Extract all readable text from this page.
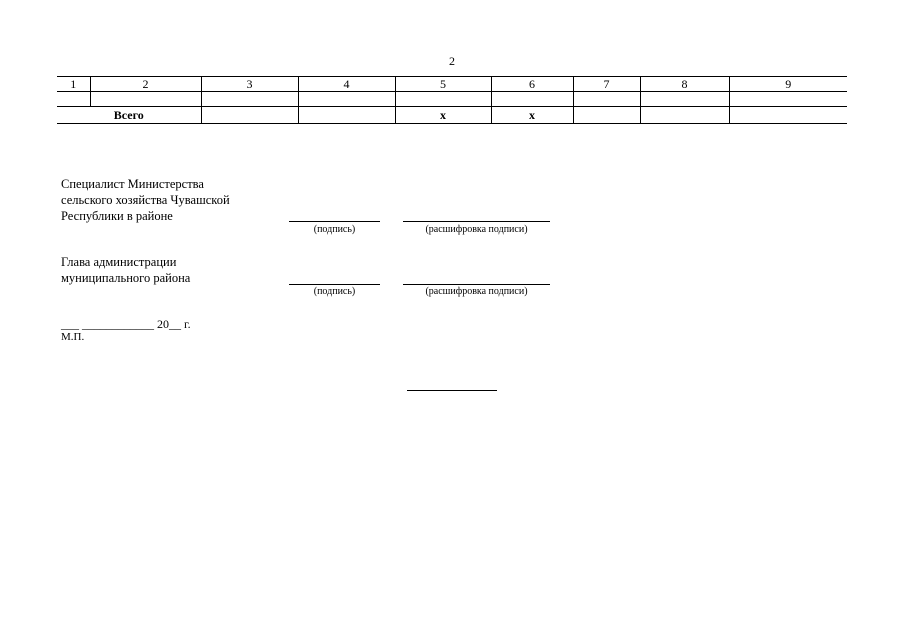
2
1	2	3	4	5	6	7	8	9

Всего				x	x			
Специалист Министерства
сельского хозяйства Чувашской
Республики в районе
(подпись)	(расшифровка подписи)
Глава администрации
муниципального района
(подпись)	(расшифровка подписи)
___ ____________ 20__ г.
М.П.
